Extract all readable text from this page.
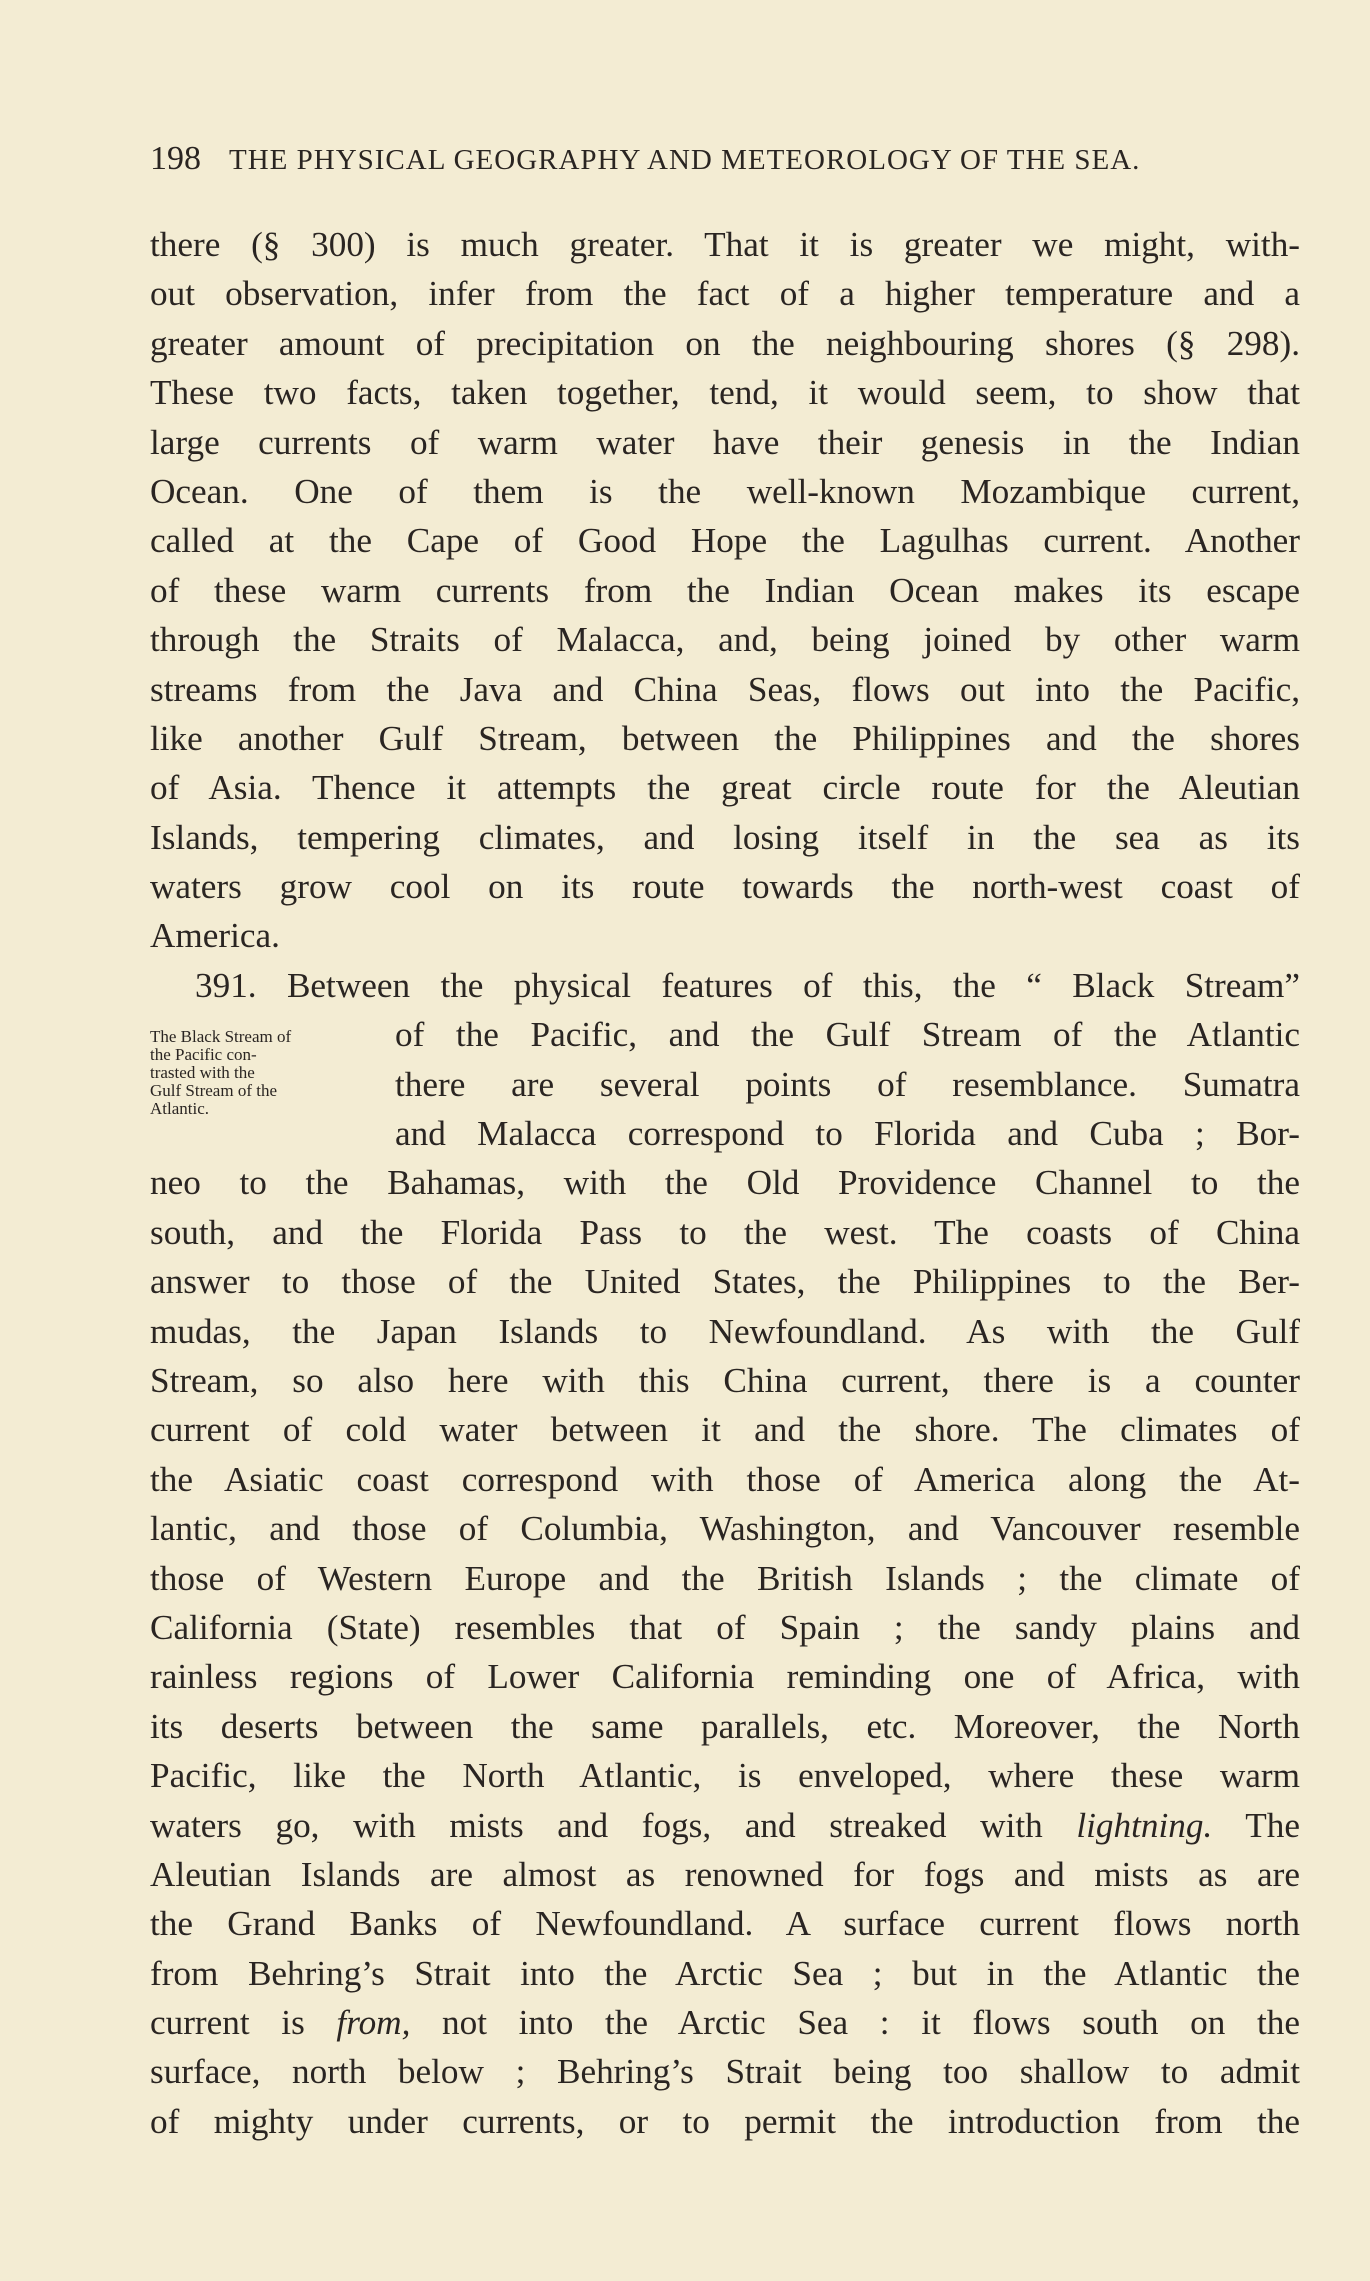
198 THE PHYSICAL GEOGRAPHY AND METEOROLOGY OF THE SEA.
The Black Stream of
the Pacific con-
trasted with the
Gulf Stream of the
Atlantic.
there (§ 300) is much greater. That it is greater we might, with-
out observation, infer from the fact of a higher temperature and a
greater amount of precipitation on the neighbouring shores (§ 298).
These two facts, taken together, tend, it would seem, to show that
large currents of warm water have their genesis in the Indian
Ocean. One of them is the well-known Mozambique current,
called at the Cape of Good Hope the Lagulhas current. Another
of these warm currents from the Indian Ocean makes its escape
through the Straits of Malacca, and, being joined by other warm
streams from the Java and China Seas, flows out into the Pacific,
like another Gulf Stream, between the Philippines and the shores
of Asia. Thence it attempts the great circle route for the Aleutian
Islands, tempering climates, and losing itself in the sea as its
waters grow cool on its route towards the north-west coast of
America.
391. Between the physical features of this, the “ Black Stream”
of the Pacific, and the Gulf Stream of the Atlantic
there are several points of resemblance. Sumatra
and Malacca correspond to Florida and Cuba ; Bor-
neo to the Bahamas, with the Old Providence Channel to the
south, and the Florida Pass to the west. The coasts of China
answer to those of the United States, the Philippines to the Ber-
mudas, the Japan Islands to Newfoundland. As with the Gulf
Stream, so also here with this China current, there is a counter
current of cold water between it and the shore. The climates of
the Asiatic coast correspond with those of America along the At-
lantic, and those of Columbia, Washington, and Vancouver resemble
those of Western Europe and the British Islands ; the climate of
California (State) resembles that of Spain ; the sandy plains and
rainless regions of Lower California reminding one of Africa, with
its deserts between the same parallels, etc. Moreover, the North
Pacific, like the North Atlantic, is enveloped, where these warm
waters go, with mists and fogs, and streaked with lightning. The
Aleutian Islands are almost as renowned for fogs and mists as are
the Grand Banks of Newfoundland. A surface current flows north
from Behring’s Strait into the Arctic Sea ; but in the Atlantic the
current is from, not into the Arctic Sea : it flows south on the
surface, north below ; Behring’s Strait being too shallow to admit
of mighty under currents, or to permit the introduction from the
